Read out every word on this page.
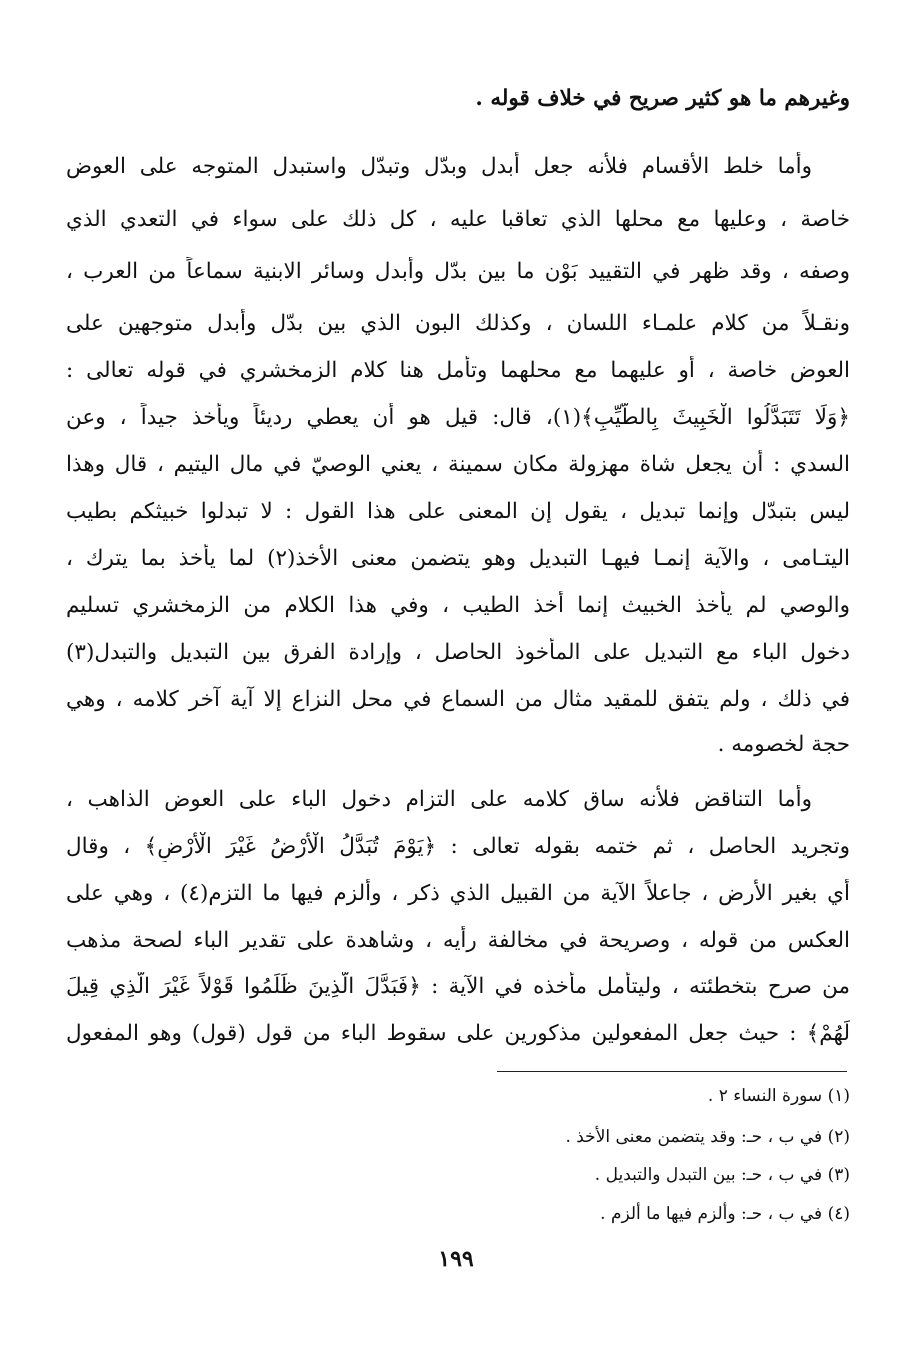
وغيرهم ما هو كثير صريح في خلاف قوله .
وأما خلط الأقسام فلأنه جعل أبدل وبدّل وتبدّل واستبدل المتوجه على العوض
خاصة ، وعليها مع محلها الذي تعاقبا عليه ، كل ذلك على سواء في التعدي الذي
وصفه ، وقد ظهر في التقييد بَوْن ما بين بدّل وأبدل وسائر الابنية سماعاً من العرب ،
ونقـلاً من كلام علمـاء اللسان ، وكذلك البون الذي بين بدّل وأبدل متوجهين على
العوض خاصة ، أو عليهما مع محلهما وتأمل هنا كلام الزمخشري في قوله تعالى :
﴿وَلَا تَتَبَدَّلُوا الْخَبِيثَ بِالطَّيِّبِ﴾(١)، قال: قيل هو أن يعطي رديئاً ويأخذ جيداً ، وعن
السدي : أن يجعل شاة مهزولة مكان سمينة ، يعني الوصيّ في مال اليتيم ، قال وهذا
ليس بتبدّل وإنما تبديل ، يقول إن المعنى على هذا القول : لا تبدلوا خبيثكم بطيب
اليتـامى ، والآية إنمـا فيهـا التبديل وهو يتضمن معنى الأخذ(٢) لما يأخذ بما يترك ،
والوصي لم يأخذ الخبيث إنما أخذ الطيب ، وفي هذا الكلام من الزمخشري تسليم
دخول الباء مع التبديل على المأخوذ الحاصل ، وإرادة الفرق بين التبديل والتبدل(٣)
في ذلك ، ولم يتفق للمقيد مثال من السماع في محل النزاع إلا آية آخر كلامه ، وهي
حجة لخصومه .
وأما التناقض فلأنه ساق كلامه على التزام دخول الباء على العوض الذاهب ،
وتجريد الحاصل ، ثم ختمه بقوله تعالى : ﴿يَوْمَ تُبَدَّلُ الْأَرْضُ غَيْرَ الْأَرْضِ﴾ ، وقال
أي بغير الأرض ، جاعلاً الآية من القبيل الذي ذكر ، وألزم فيها ما التزم(٤) ، وهي على
العكس من قوله ، وصريحة في مخالفة رأيه ، وشاهدة على تقدير الباء لصحة مذهب
من صرح بتخطئته ، وليتأمل مأخذه في الآية : ﴿فَبَدَّلَ الَّذِينَ ظَلَمُوا قَوْلاً غَيْرَ الَّذِي قِيلَ
لَهُمْ﴾ : حيث جعل المفعولين مذكورين على سقوط الباء من قول (قول) وهو المفعول
(١) سورة النساء ٢ .
(٢) في ب ، حـ: وقد يتضمن معنى الأخذ .
(٣) في ب ، حـ: بين التبدل والتبديل .
(٤) في ب ، حـ: وألزم فيها ما ألزم .
١٩٩
